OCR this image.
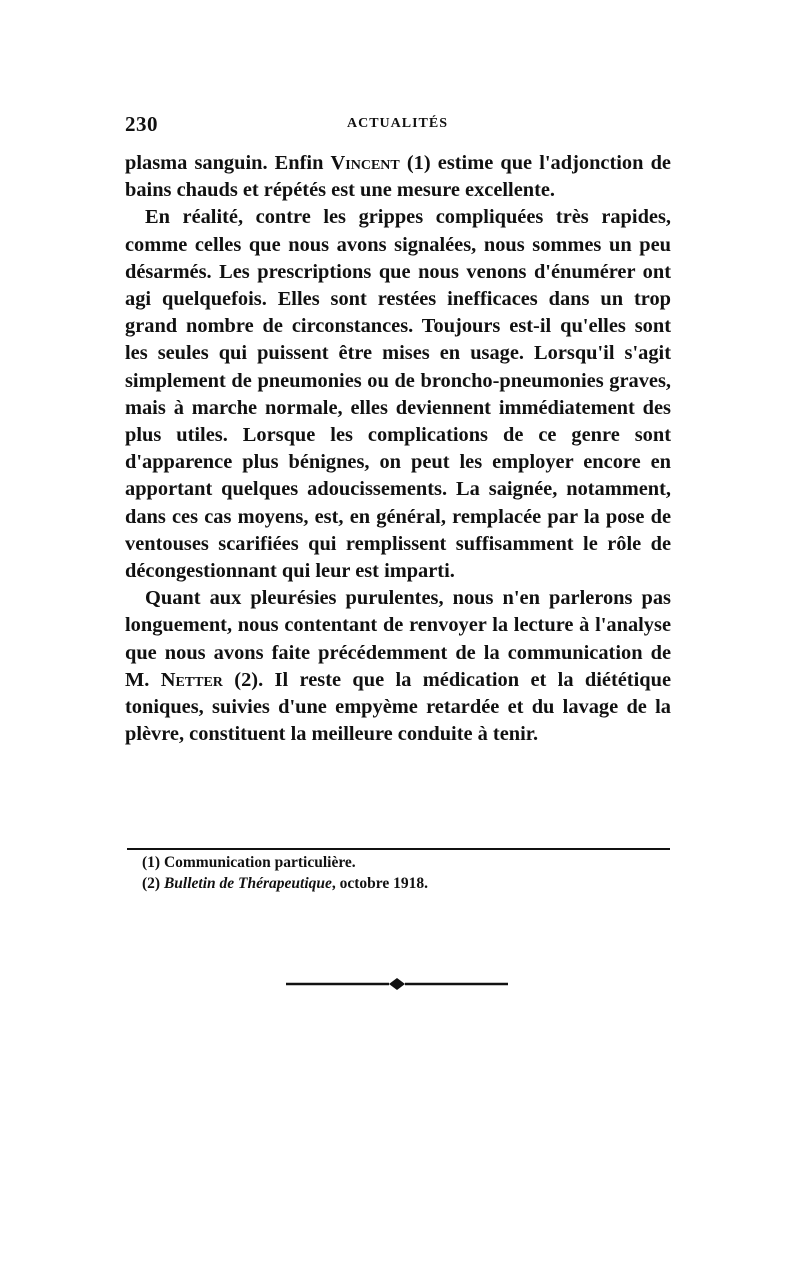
230	ACTUALITÉS

plasma sanguin. Enfin Vincent (1) estime que l'adjonction de bains chauds et répétés est une mesure excellente.

En réalité, contre les grippes compliquées très rapides, comme celles que nous avons signalées, nous sommes un peu désarmés. Les prescriptions que nous venons d'énumérer ont agi quelquefois. Elles sont restées inefficaces dans un trop grand nombre de circonstances. Toujours est-il qu'elles sont les seules qui puissent être mises en usage. Lorsqu'il s'agit simplement de pneumonies ou de broncho-pneumonies graves, mais à marche normale, elles deviennent immédiatement des plus utiles. Lorsque les complications de ce genre sont d'apparence plus bénignes, on peut les employer encore en apportant quelques adoucissements. La saignée, notamment, dans ces cas moyens, est, en général, remplacée par la pose de ventouses scarifiées qui remplissent suffisamment le rôle de décongestionnant qui leur est imparti.

Quant aux pleurésies purulentes, nous n'en parlerons pas longuement, nous contentant de renvoyer la lecture à l'analyse que nous avons faite précédemment de la communication de M. Netter (2). Il reste que la médication et la diététique toniques, suivies d'une empyème retardée et du lavage de la plèvre, constituent la meilleure conduite à tenir.

(1) Communication particulière.

(2) Bulletin de Thérapeutique, octobre 1918.
